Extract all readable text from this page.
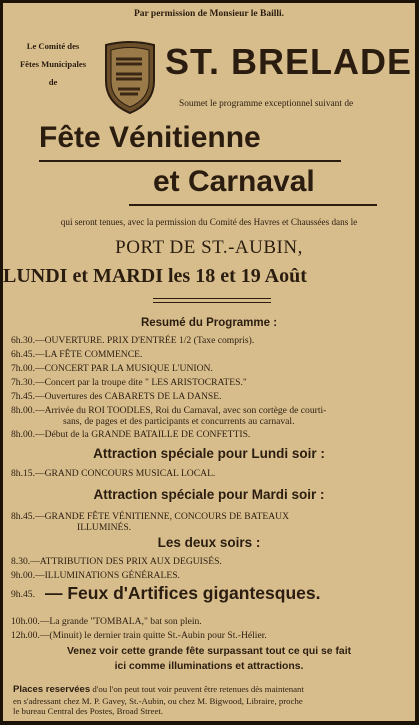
Par permission de Monsieur le Bailli.
Le Comité des
Fêtes Municipales
de	ST. BRELADE
Soumet le programme exceptionnel suivant de
Fête Vénitienne
et Carnaval
qui seront tenues, avec la permission du Comité des Havres et Chaussées dans le
PORT DE ST.-AUBIN,
LUNDI et MARDI les 18 et 19 Août
Resumé du Programme :
6h.30.—OUVERTURE. PRIX D'ENTRÉE 1/2 (Taxe compris).
6h.45.—LA FÊTE COMMENCE.
7h.00.—CONCERT PAR LA MUSIQUE L'UNION.
7h.30.—Concert par la troupe dite " LES ARISTOCRATES."
7h.45.—Ouvertures des CABARETS DE LA DANSE.
8h.00.—Arrivée du ROI TOODLES, Roi du Carnaval, avec son cortège de courti-
sans, de pages et des participants et concurrents au carnaval.
8h.00.—Début de la GRANDE BATAILLE DE CONFETTIS.
Attraction spéciale pour Lundi soir :
8h.15.—GRAND CONCOURS MUSICAL LOCAL.
Attraction spéciale pour Mardi soir :
8h.45.—GRANDE FÊTE VÉNITIENNE, CONCOURS DE BATEAUX
ILLUMINÉS.
Les deux soirs :
8.30.—ATTRIBUTION DES PRIX AUX DEGUISÉS.
9h.00.—ILLUMINATIONS GÉNÉRALES.
9h.45. — Feux d'Artifices gigantesques.
10h.00.—La grande "TOMBALA," bat son plein.
12h.00.—(Minuit) le dernier train quitte St.-Aubin pour St.-Hélier.
Venez voir cette grande fête surpassant tout ce qui se fait
ici comme illuminations et attractions.
Places reservées d'ou l'on peut tout voir peuvent être retenues dès maintenant
en s'adressant chez M. P. Gavey, St.-Aubin, ou chez M. Bigwood, Libraire, proche
le bureau Central des Postes, Broad Street.
